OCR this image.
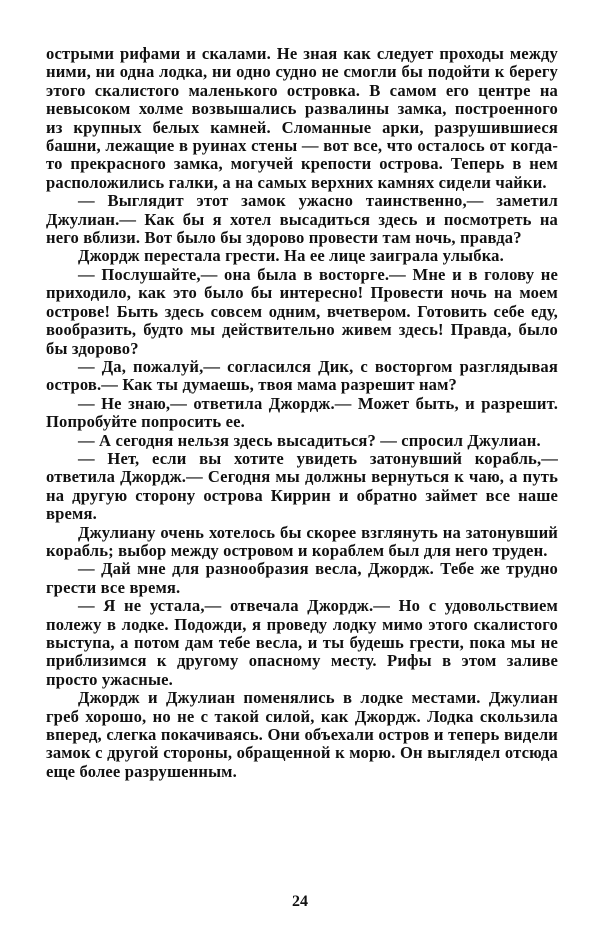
острыми рифами и скалами. Не зная как следует проходы между ними, ни одна лодка, ни одно судно не смогли бы подойти к берегу этого скалистого маленького островка. В самом его центре на невысоком холме возвышались развалины замка, построенного из крупных белых камней. Сломанные арки, разрушившиеся башни, лежащие в руинах стены — вот все, что осталось от когда-то прекрасного замка, могучей крепости острова. Теперь в нем расположились галки, а на самых верхних камнях сидели чайки.

— Выглядит этот замок ужасно таинственно,— заметил Джулиан.— Как бы я хотел высадиться здесь и посмотреть на него вблизи. Вот было бы здорово провести там ночь, правда?

Джордж перестала грести. На ее лице заиграла улыбка.

— Послушайте,— она была в восторге.— Мне и в голову не приходило, как это было бы интересно! Провести ночь на моем острове! Быть здесь совсем одним, вчетвером. Готовить себе еду, вообразить, будто мы действительно живем здесь! Правда, было бы здорово?

— Да, пожалуй,— согласился Дик, с восторгом разглядывая остров.— Как ты думаешь, твоя мама разрешит нам?

— Не знаю,— ответила Джордж.— Может быть, и разрешит. Попробуйте попросить ее.

— А сегодня нельзя здесь высадиться? — спросил Джулиан.

— Нет, если вы хотите увидеть затонувший корабль,— ответила Джордж.— Сегодня мы должны вернуться к чаю, а путь на другую сторону острова Киррин и обратно займет все наше время.

Джулиану очень хотелось бы скорее взглянуть на затонувший корабль; выбор между островом и кораблем был для него труден.

— Дай мне для разнообразия весла, Джордж. Тебе же трудно грести все время.

— Я не устала,— отвечала Джордж.— Но с удовольствием полежу в лодке. Подожди, я проведу лодку мимо этого скалистого выступа, а потом дам тебе весла, и ты будешь грести, пока мы не приблизимся к другому опасному месту. Рифы в этом заливе просто ужасные.

Джордж и Джулиан поменялись в лодке местами. Джулиан греб хорошо, но не с такой силой, как Джордж. Лодка скользила вперед, слегка покачиваясь. Они объехали остров и теперь видели замок с другой стороны, обращенной к морю. Он выглядел отсюда еще более разрушенным.

24
